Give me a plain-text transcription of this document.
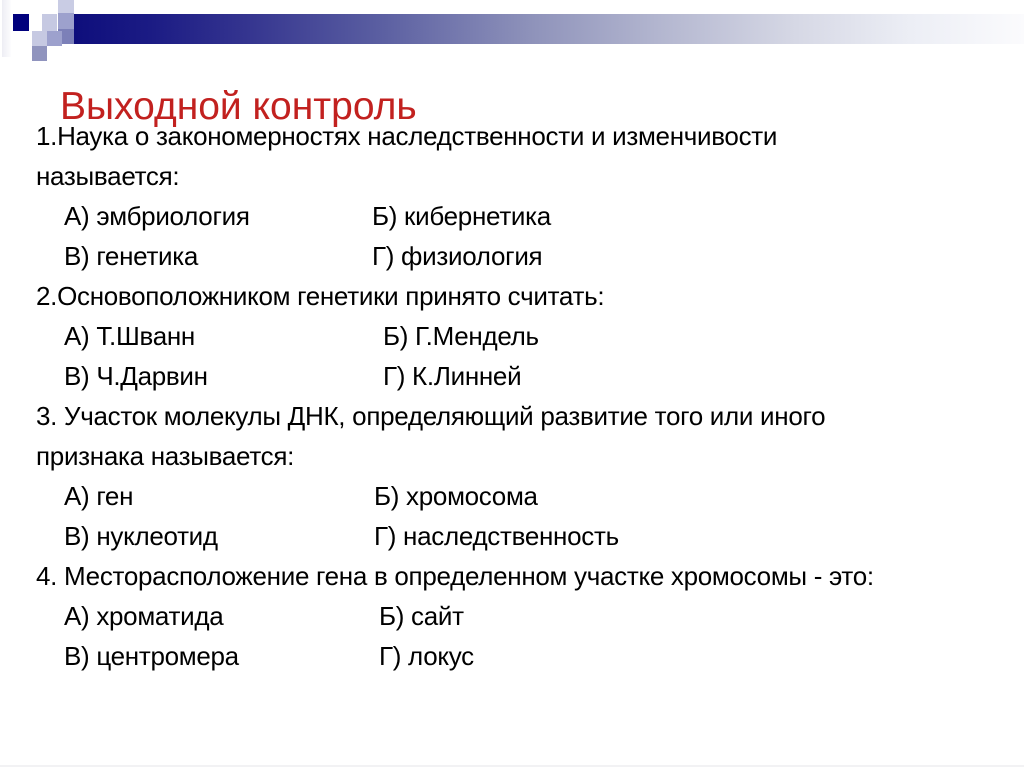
Выходной контроль
1.Наука о закономерностях наследственности и изменчивости называется:
А) эмбриология	Б) кибернетика
В) генетика	Г) физиология
2.Основоположником генетики принято считать:
А) Т.Шванн	Б) Г.Мендель
В) Ч.Дарвин	Г) К.Линней
3. Участок молекулы ДНК, определяющий развитие того или иного признака называется:
А) ген	Б) хромосома
В) нуклеотид	Г) наследственность
4. Месторасположение гена в определенном участке хромосомы - это:
А) хроматида	Б) сайт
В) центромера	Г) локус
